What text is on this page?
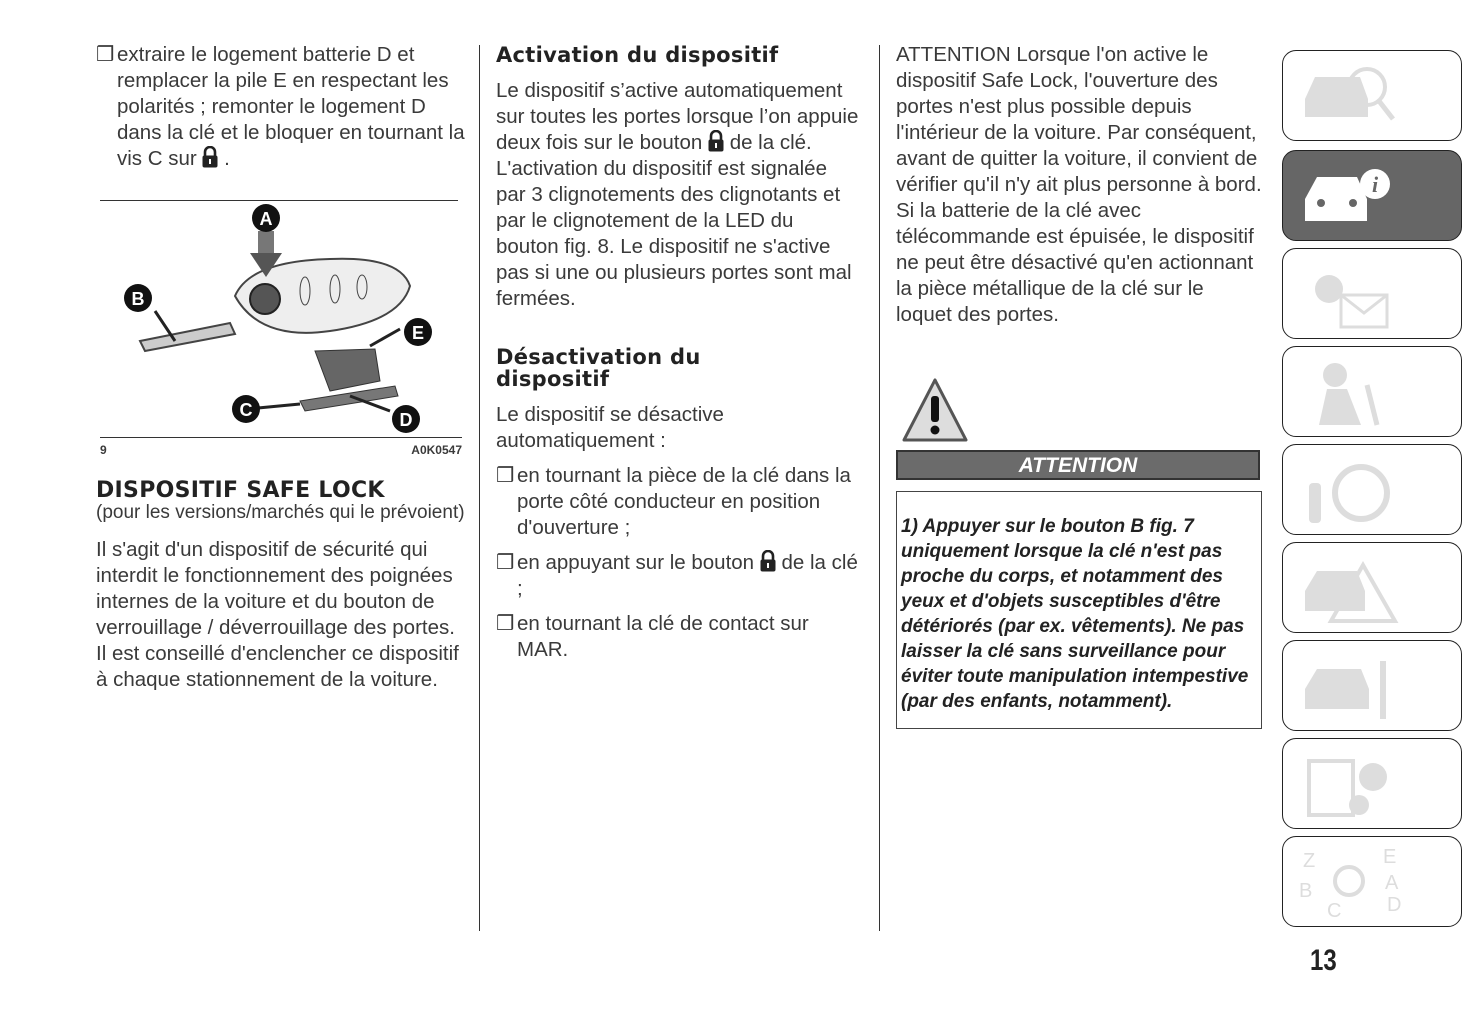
❒ extraire le logement batterie D et remplacer la pile E en respectant les polarités ; remonter le logement D dans la clé et le bloquer en tournant la vis C sur .
A
B
C	D
E
9	A0K0547
DISPOSITIF SAFE LOCK

(pour les versions/marchés qui le prévoient)

Il s'agit d'un dispositif de sécurité qui interdit le fonctionnement des poignées internes de la voiture et du bouton de verrouillage / déverrouillage des portes. Il est conseillé d'enclencher ce dispositif à chaque stationnement de la voiture.

Activation du dispositif

Le dispositif s’active automatiquement sur toutes les portes lorsque l’on appuie deux fois sur le bouton de la clé. L'activation du dispositif est signalée par 3 clignotements des clignotants et par le clignotement de la LED du bouton fig. 8. Le dispositif ne s'active pas si une ou plusieurs portes sont mal fermées.

Désactivation du dispositif

Le dispositif se désactive automatiquement :

❒ en tournant la pièce de la clé dans la porte côté conducteur en position d'ouverture ;
❒ en appuyant sur le bouton de la clé ;
❒ en tournant la clé de contact sur MAR.

ATTENTION Lorsque l'on active le dispositif Safe Lock, l'ouverture des portes n'est plus possible depuis l'intérieur de la voiture. Par conséquent, avant de quitter la voiture, il convient de vérifier qu'il n'y ait plus personne à bord. Si la batterie de la clé avec télécommande est épuisée, le dispositif ne peut être désactivé qu'en actionnant la pièce métallique de la clé sur le loquet des portes.

ATTENTION
1) Appuyer sur le bouton B fig. 7 uniquement lorsque la clé n'est pas proche du corps, et notamment des yeux et d'objets susceptibles d'être détériorés (par ex. vêtements). Ne pas laisser la clé sans surveillance pour éviter toute manipulation intempestive (par des enfants, notamment).
i
Z	E
B	A
C D
13
